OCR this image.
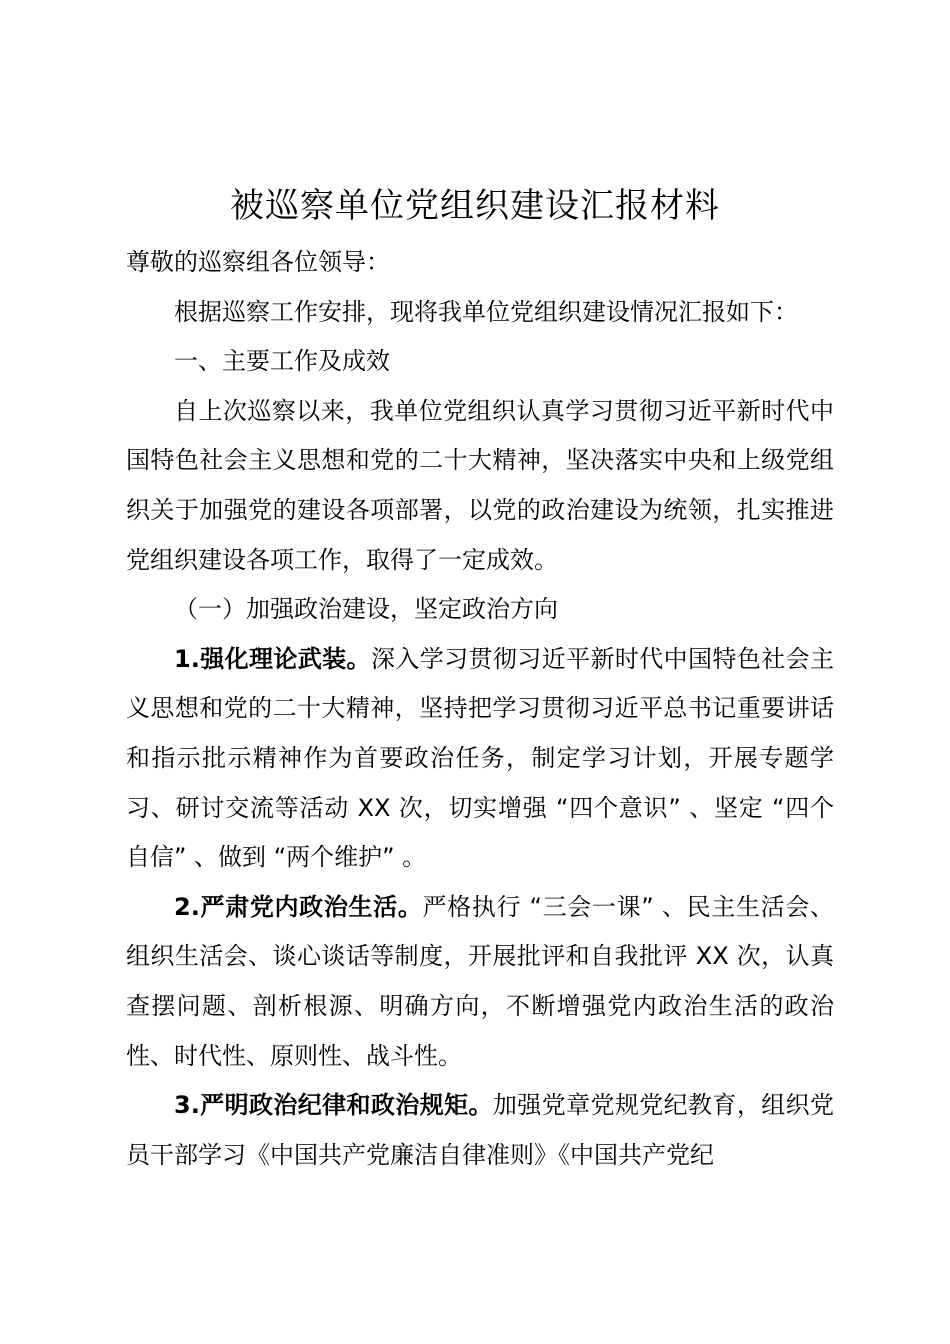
被巡察单位党组织建设汇报材料

尊敬的巡察组各位领导：

根据巡察工作安排，现将我单位党组织建设情况汇报如下：

一、主要工作及成效

自上次巡察以来，我单位党组织认真学习贯彻习近平新时代中国特色社会主义思想和党的二十大精神，坚决落实中央和上级党组织关于加强党的建设各项部署，以党的政治建设为统领，扎实推进党组织建设各项工作，取得了一定成效。

（一）加强政治建设，坚定政治方向

1.强化理论武装。深入学习贯彻习近平新时代中国特色社会主义思想和党的二十大精神，坚持把学习贯彻习近平总书记重要讲话和指示批示精神作为首要政治任务，制定学习计划，开展专题学习、研讨交流等活动 XX 次，切实增强 “四个意识” 、坚定 “四个自信” 、做到 “两个维护” 。

2.严肃党内政治生活。严格执行 “三会一课” 、民主生活会、组织生活会、谈心谈话等制度，开展批评和自我批评 XX 次，认真查摆问题、剖析根源、明确方向，不断增强党内政治生活的政治性、时代性、原则性、战斗性。

3.严明政治纪律和政治规矩。加强党章党规党纪教育，组织党员干部学习《中国共产党廉洁自律准则》《中国共产党纪
